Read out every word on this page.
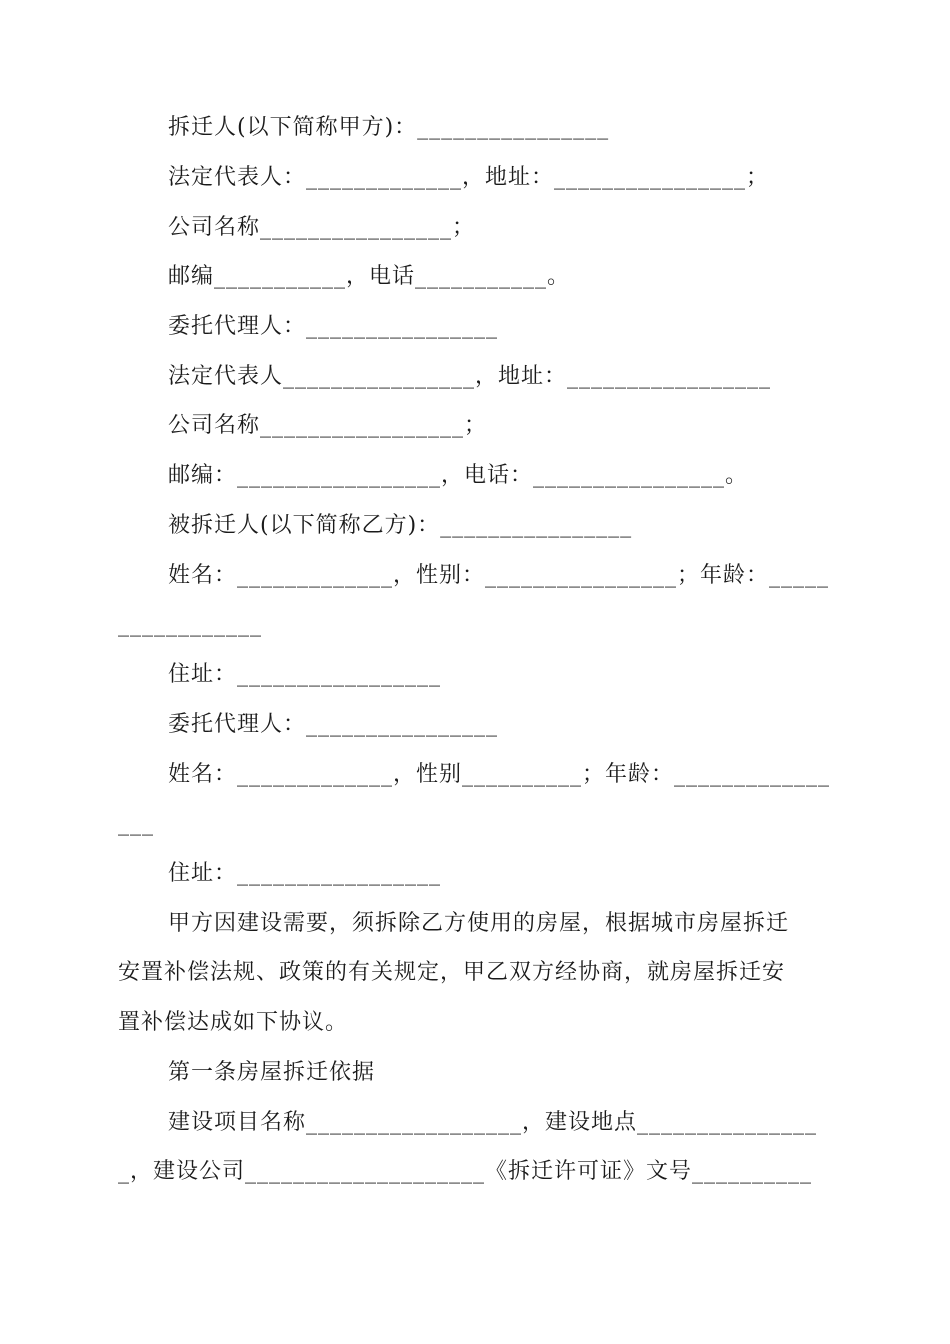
拆迁人(以下简称甲方)：________________
法定代表人：_____________，地址：________________；
公司名称________________；
邮编___________，电话___________。
委托代理人：________________
法定代表人________________，地址：_________________
公司名称_________________；
邮编：_________________，电话：________________。
被拆迁人(以下简称乙方)：________________
姓名：_____________，性别：________________；年龄：_____
____________
住址：_________________
委托代理人：________________
姓名：_____________，性别__________；年龄：_____________
___
住址：_________________
甲方因建设需要，须拆除乙方使用的房屋，根据城市房屋拆迁
安置补偿法规、政策的有关规定，甲乙双方经协商，就房屋拆迁安
置补偿达成如下协议。
第一条房屋拆迁依据
建设项目名称__________________，建设地点_______________
_，建设公司____________________《拆迁许可证》文号__________
